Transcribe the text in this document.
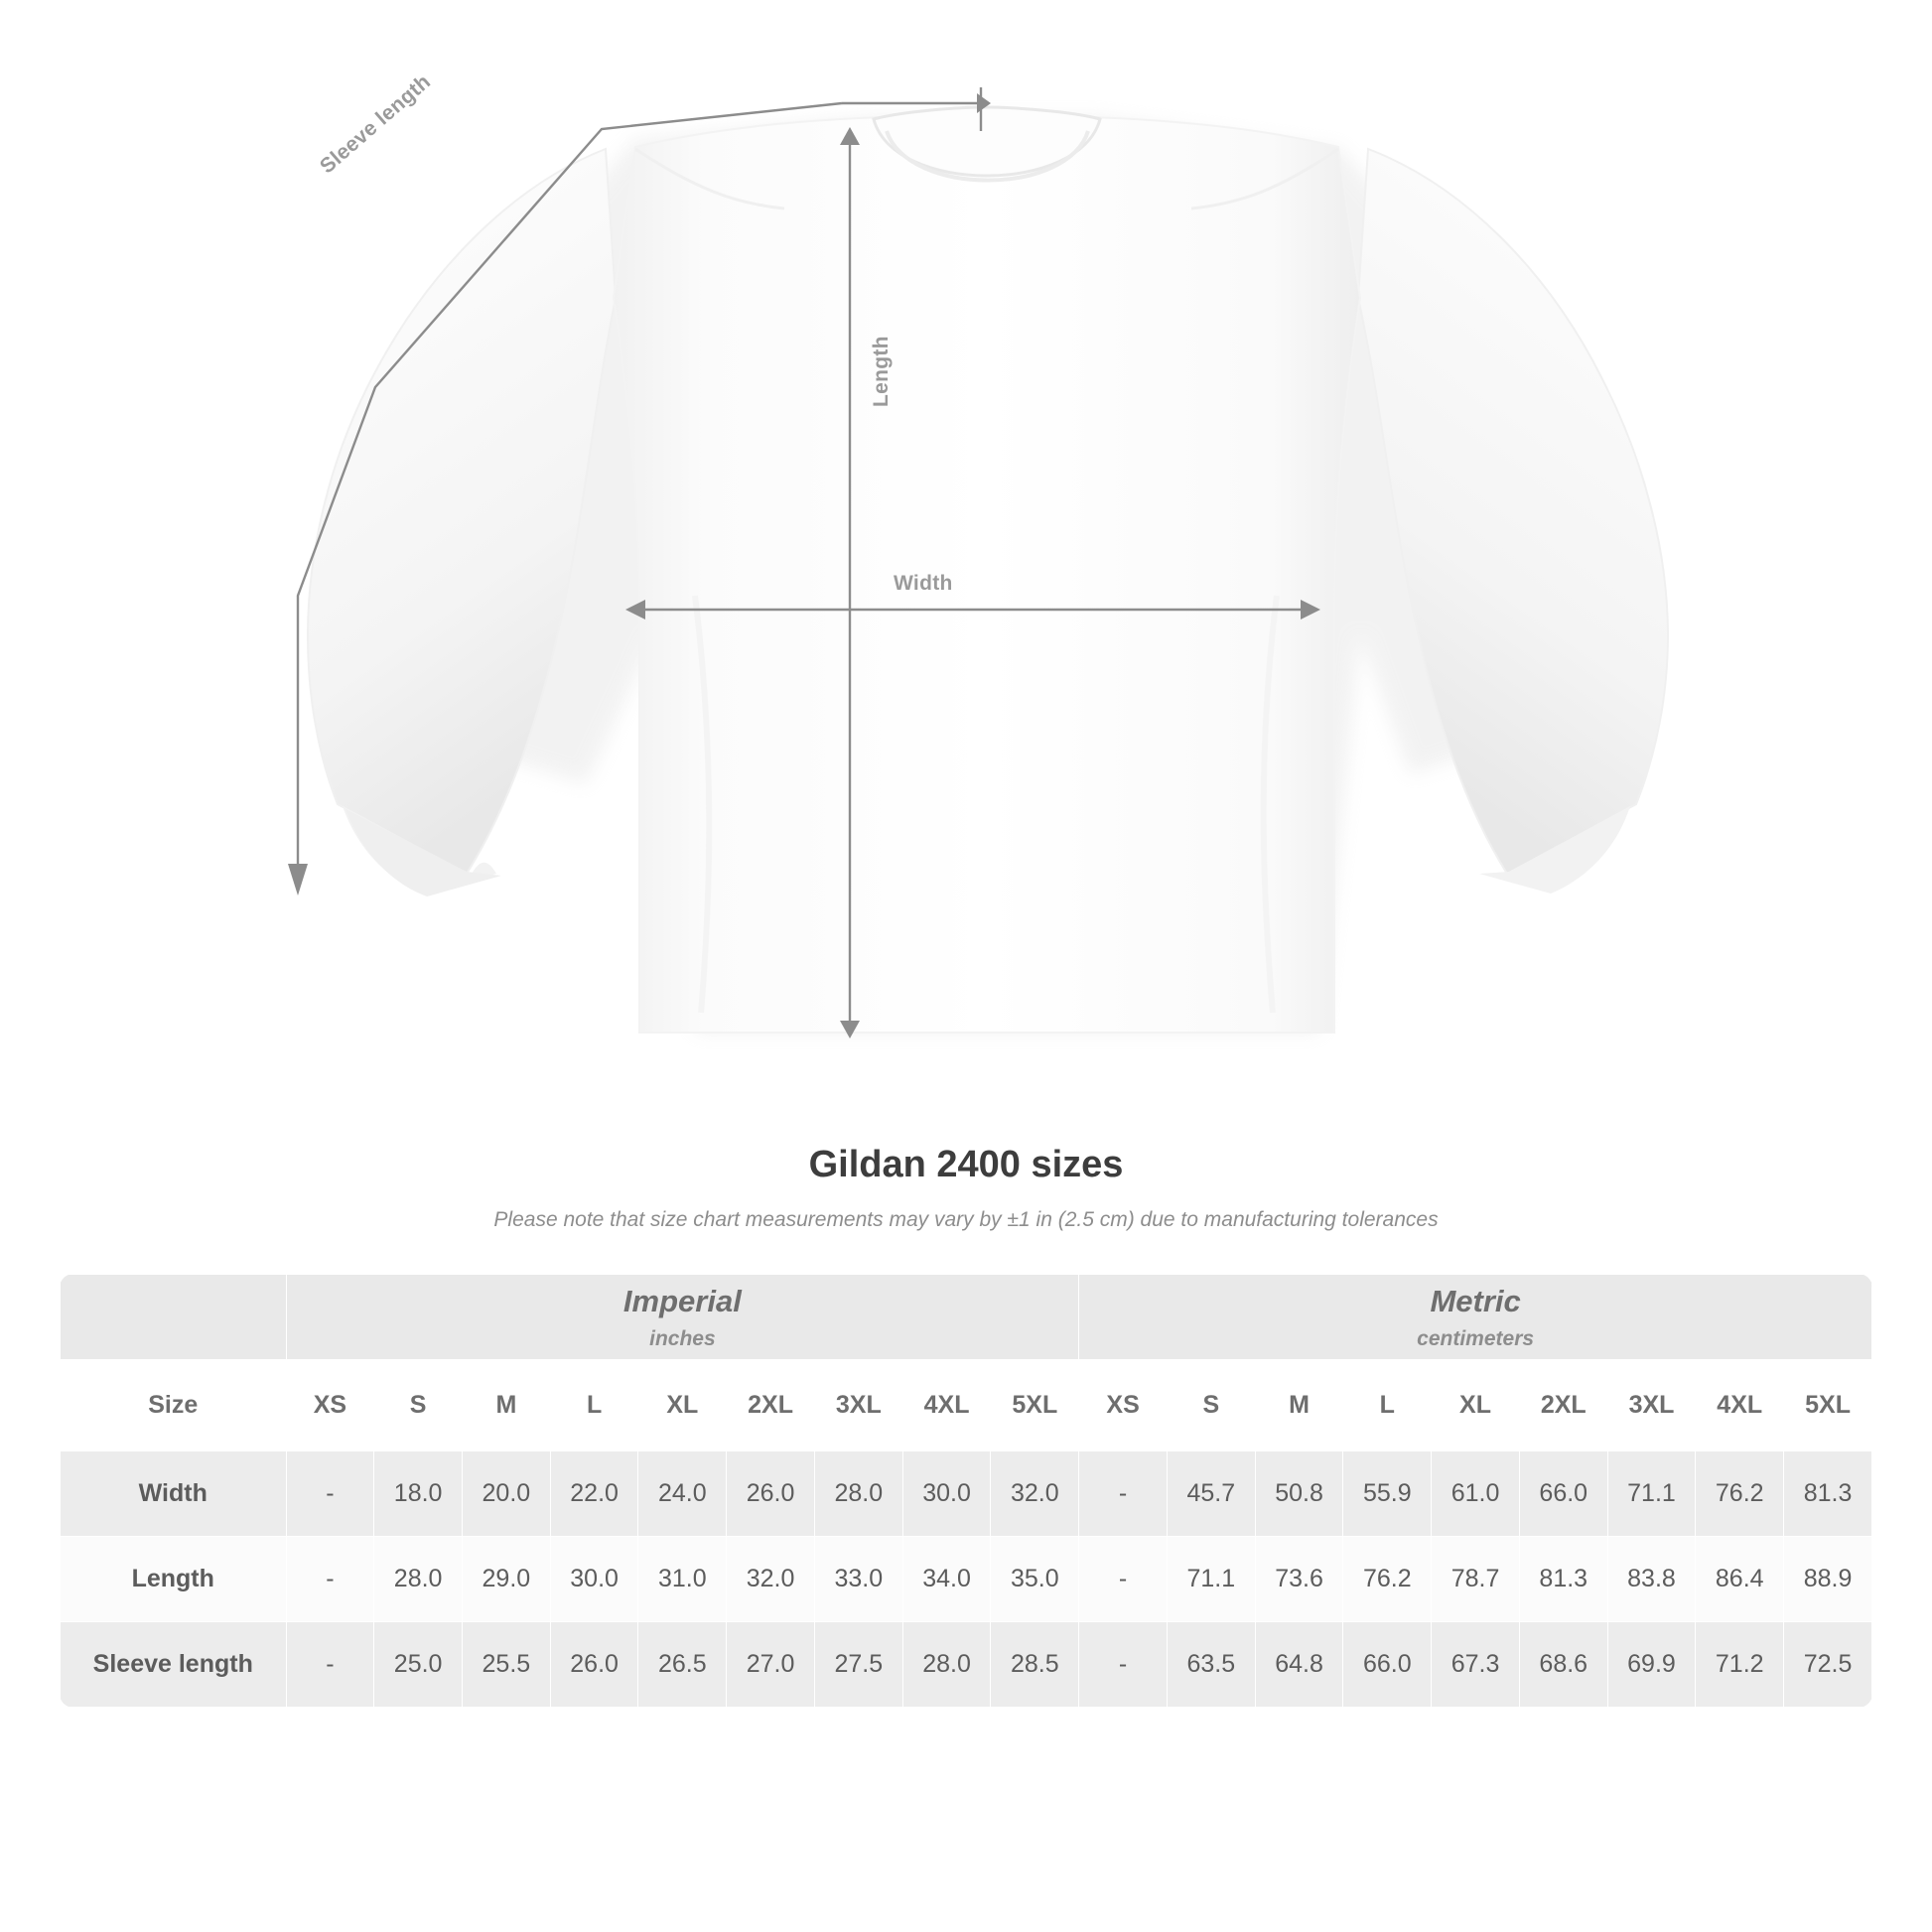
Sleeve length
Length
Width
Gildan 2400 sizes

Please note that size chart measurements may vary by ±1 in (2.5 cm) due to manufacturing tolerances

	Imperial
inches									Metric
centimeters								

Size	XS	S	M	L	XL	2XL	3XL	4XL	5XL	XS	S	M	L	XL	2XL	3XL	4XL	5XL
Width	-	18.0	20.0	22.0	24.0	26.0	28.0	30.0	32.0	-	45.7	50.8	55.9	61.0	66.0	71.1	76.2	81.3
Length	-	28.0	29.0	30.0	31.0	32.0	33.0	34.0	35.0	-	71.1	73.6	76.2	78.7	81.3	83.8	86.4	88.9
Sleeve length	-	25.0	25.5	26.0	26.5	27.0	27.5	28.0	28.5	-	63.5	64.8	66.0	67.3	68.6	69.9	71.2	72.5
